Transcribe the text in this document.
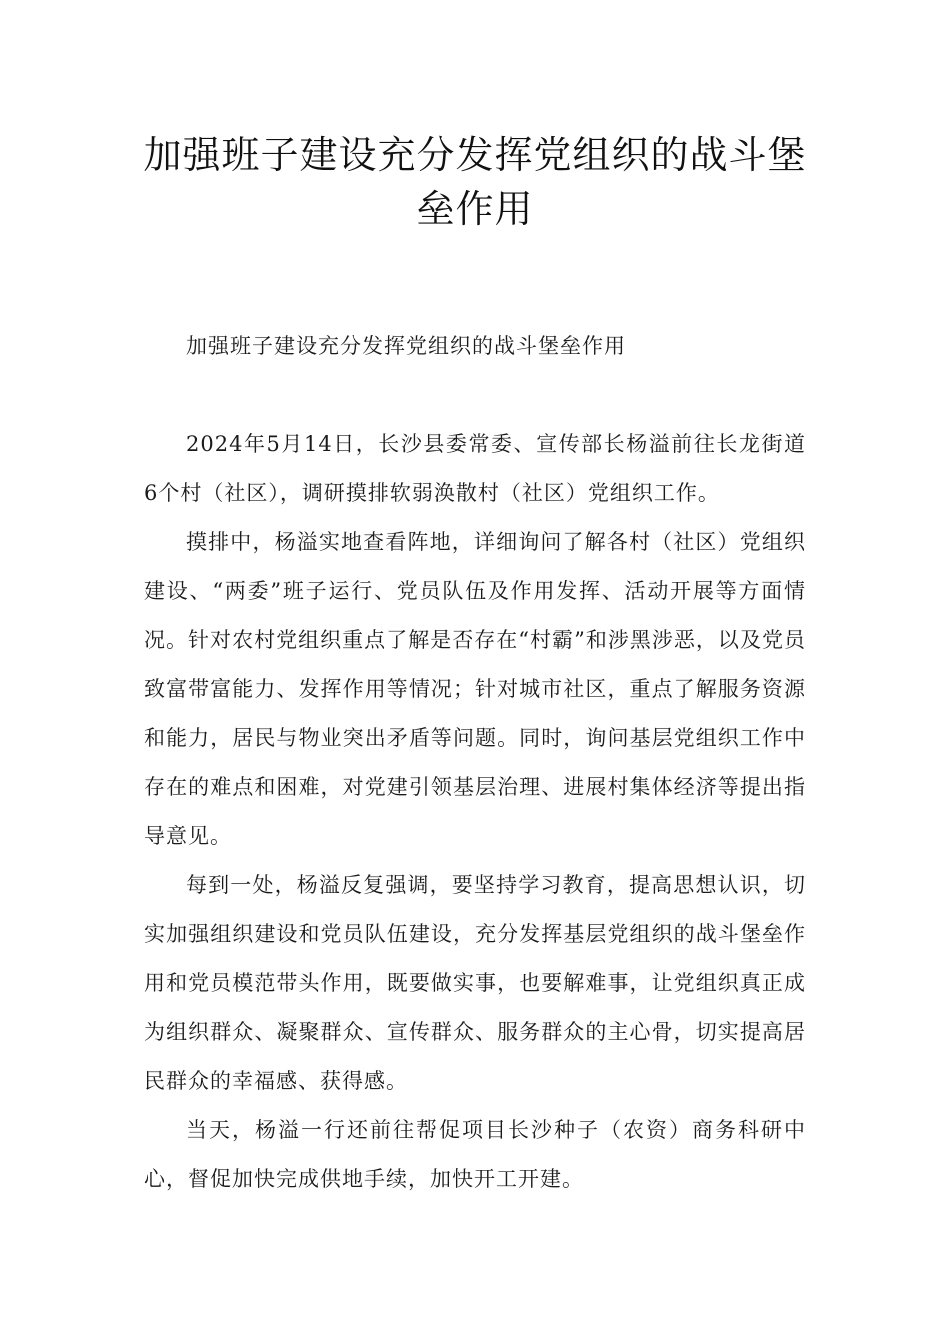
加强班子建设充分发挥党组织的战斗堡垒作用

加强班子建设充分发挥党组织的战斗堡垒作用

2024年5月14日，长沙县委常委、宣传部长杨溢前往长龙街道6个村（社区），调研摸排软弱涣散村（社区）党组织工作。

摸排中，杨溢实地查看阵地，详细询问了解各村（社区）党组织建设、“两委”班子运行、党员队伍及作用发挥、活动开展等方面情况。针对农村党组织重点了解是否存在“村霸”和涉黑涉恶，以及党员致富带富能力、发挥作用等情况；针对城市社区，重点了解服务资源和能力，居民与物业突出矛盾等问题。同时，询问基层党组织工作中存在的难点和困难，对党建引领基层治理、进展村集体经济等提出指导意见。

每到一处，杨溢反复强调，要坚持学习教育，提高思想认识，切实加强组织建设和党员队伍建设，充分发挥基层党组织的战斗堡垒作用和党员模范带头作用，既要做实事，也要解难事，让党组织真正成为组织群众、凝聚群众、宣传群众、服务群众的主心骨，切实提高居民群众的幸福感、获得感。

当天，杨溢一行还前往帮促项目长沙种子（农资）商务科研中心，督促加快完成供地手续，加快开工开建。
